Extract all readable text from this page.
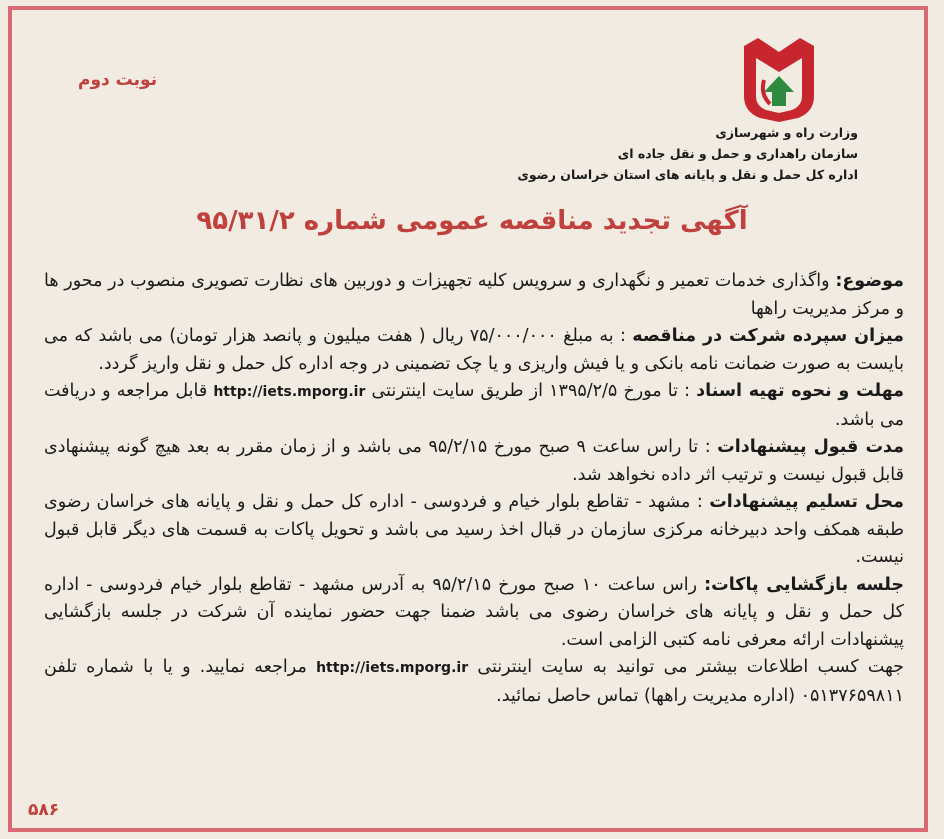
نوبت دوم
وزارت راه و شهرسازی
سازمان راهداری و حمل و نقل جاده ای
اداره کل حمل و نقل و پایانه های استان خراسان رضوی
آگهی تجدید مناقصه عمومی شماره ۹۵/۳۱/۲

موضوع: واگذاری خدمات تعمیر و نگهداری و سرویس کلیه تجهیزات و دوربین های نظارت تصویری منصوب در محور ها و مرکز مدیریت راهها

میزان سپرده شرکت در مناقصه : به مبلغ ۷۵/۰۰۰/۰۰۰ ریال ( هفت میلیون و پانصد هزار تومان) می باشد که می بایست به صورت ضمانت نامه بانکی و یا فیش واریزی و یا چک تضمینی در وجه اداره کل حمل و نقل واریز گردد.

مهلت و نحوه تهیه اسناد : تا مورخ ۱۳۹۵/۲/۵ از طریق سایت اینترنتی http://iets.mporg.ir قابل مراجعه و دریافت می باشد.

مدت قبول پیشنهادات : تا راس ساعت ۹ صبح مورخ ۹۵/۲/۱۵ می باشد و از زمان مقرر به بعد هیچ گونه پیشنهادی قابل قبول نیست و ترتیب اثر داده نخواهد شد.

محل تسلیم پیشنهادات : مشهد - تقاطع بلوار خیام و فردوسی - اداره کل حمل و نقل و پایانه های خراسان رضوی طبقه همکف واحد دبیرخانه مرکزی سازمان در قبال اخذ رسید می باشد و تحویل پاکات به قسمت های دیگر قابل قبول نیست.

جلسه بازگشایی پاکات: راس ساعت ۱۰ صبح مورخ ۹۵/۲/۱۵ به آدرس مشهد - تقاطع بلوار خیام فردوسی - اداره کل حمل و نقل و پایانه های خراسان رضوی می باشد ضمنا جهت حضور نماینده آن شرکت در جلسه بازگشایی پیشنهادات ارائه معرفی نامه کتبی الزامی است.

جهت کسب اطلاعات بیشتر می توانید به سایت اینترنتی http://iets.mporg.ir مراجعه نمایید. و یا با شماره تلفن ۰۵۱۳۷۶۵۹۸۱۱ (اداره مدیریت راهها) تماس حاصل نمائید.

۵۸۶
